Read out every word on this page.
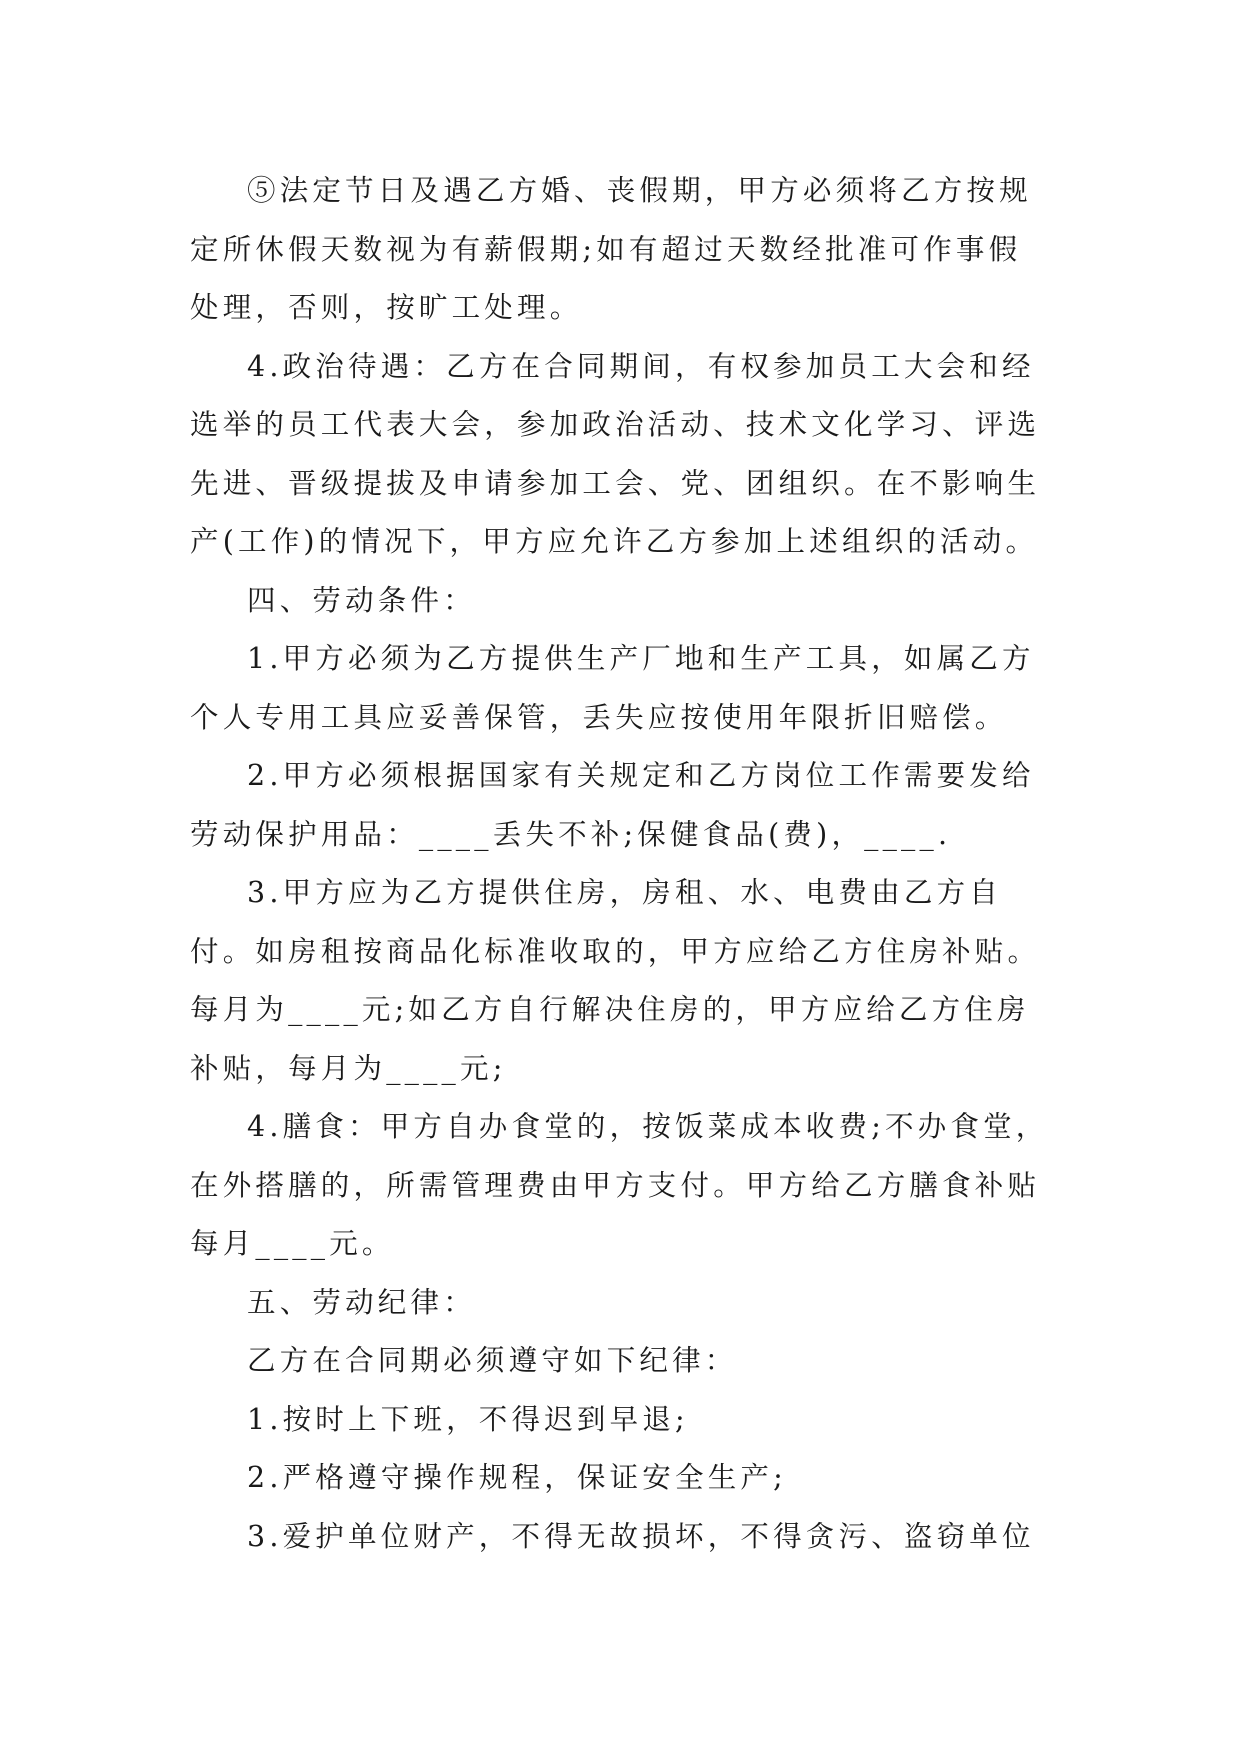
⑤法定节日及遇乙方婚、丧假期，甲方必须将乙方按规定所休假天数视为有薪假期;如有超过天数经批准可作事假处理，否则，按旷工处理。

4.政治待遇：乙方在合同期间，有权参加员工大会和经选举的员工代表大会，参加政治活动、技术文化学习、评选先进、晋级提拔及申请参加工会、党、团组织。在不影响生产(工作)的情况下，甲方应允许乙方参加上述组织的活动。

四、劳动条件：

1.甲方必须为乙方提供生产厂地和生产工具，如属乙方个人专用工具应妥善保管，丢失应按使用年限折旧赔偿。

2.甲方必须根据国家有关规定和乙方岗位工作需要发给劳动保护用品：____丢失不补;保健食品(费)，____.

3.甲方应为乙方提供住房，房租、水、电费由乙方自付。如房租按商品化标准收取的，甲方应给乙方住房补贴。每月为____元;如乙方自行解决住房的，甲方应给乙方住房补贴，每月为____元;

4.膳食：甲方自办食堂的，按饭菜成本收费;不办食堂，在外搭膳的，所需管理费由甲方支付。甲方给乙方膳食补贴每月____元。

五、劳动纪律：

乙方在合同期必须遵守如下纪律：

1.按时上下班，不得迟到早退;

2.严格遵守操作规程，保证安全生产;

3.爱护单位财产，不得无故损坏，不得贪污、盗窃单位
